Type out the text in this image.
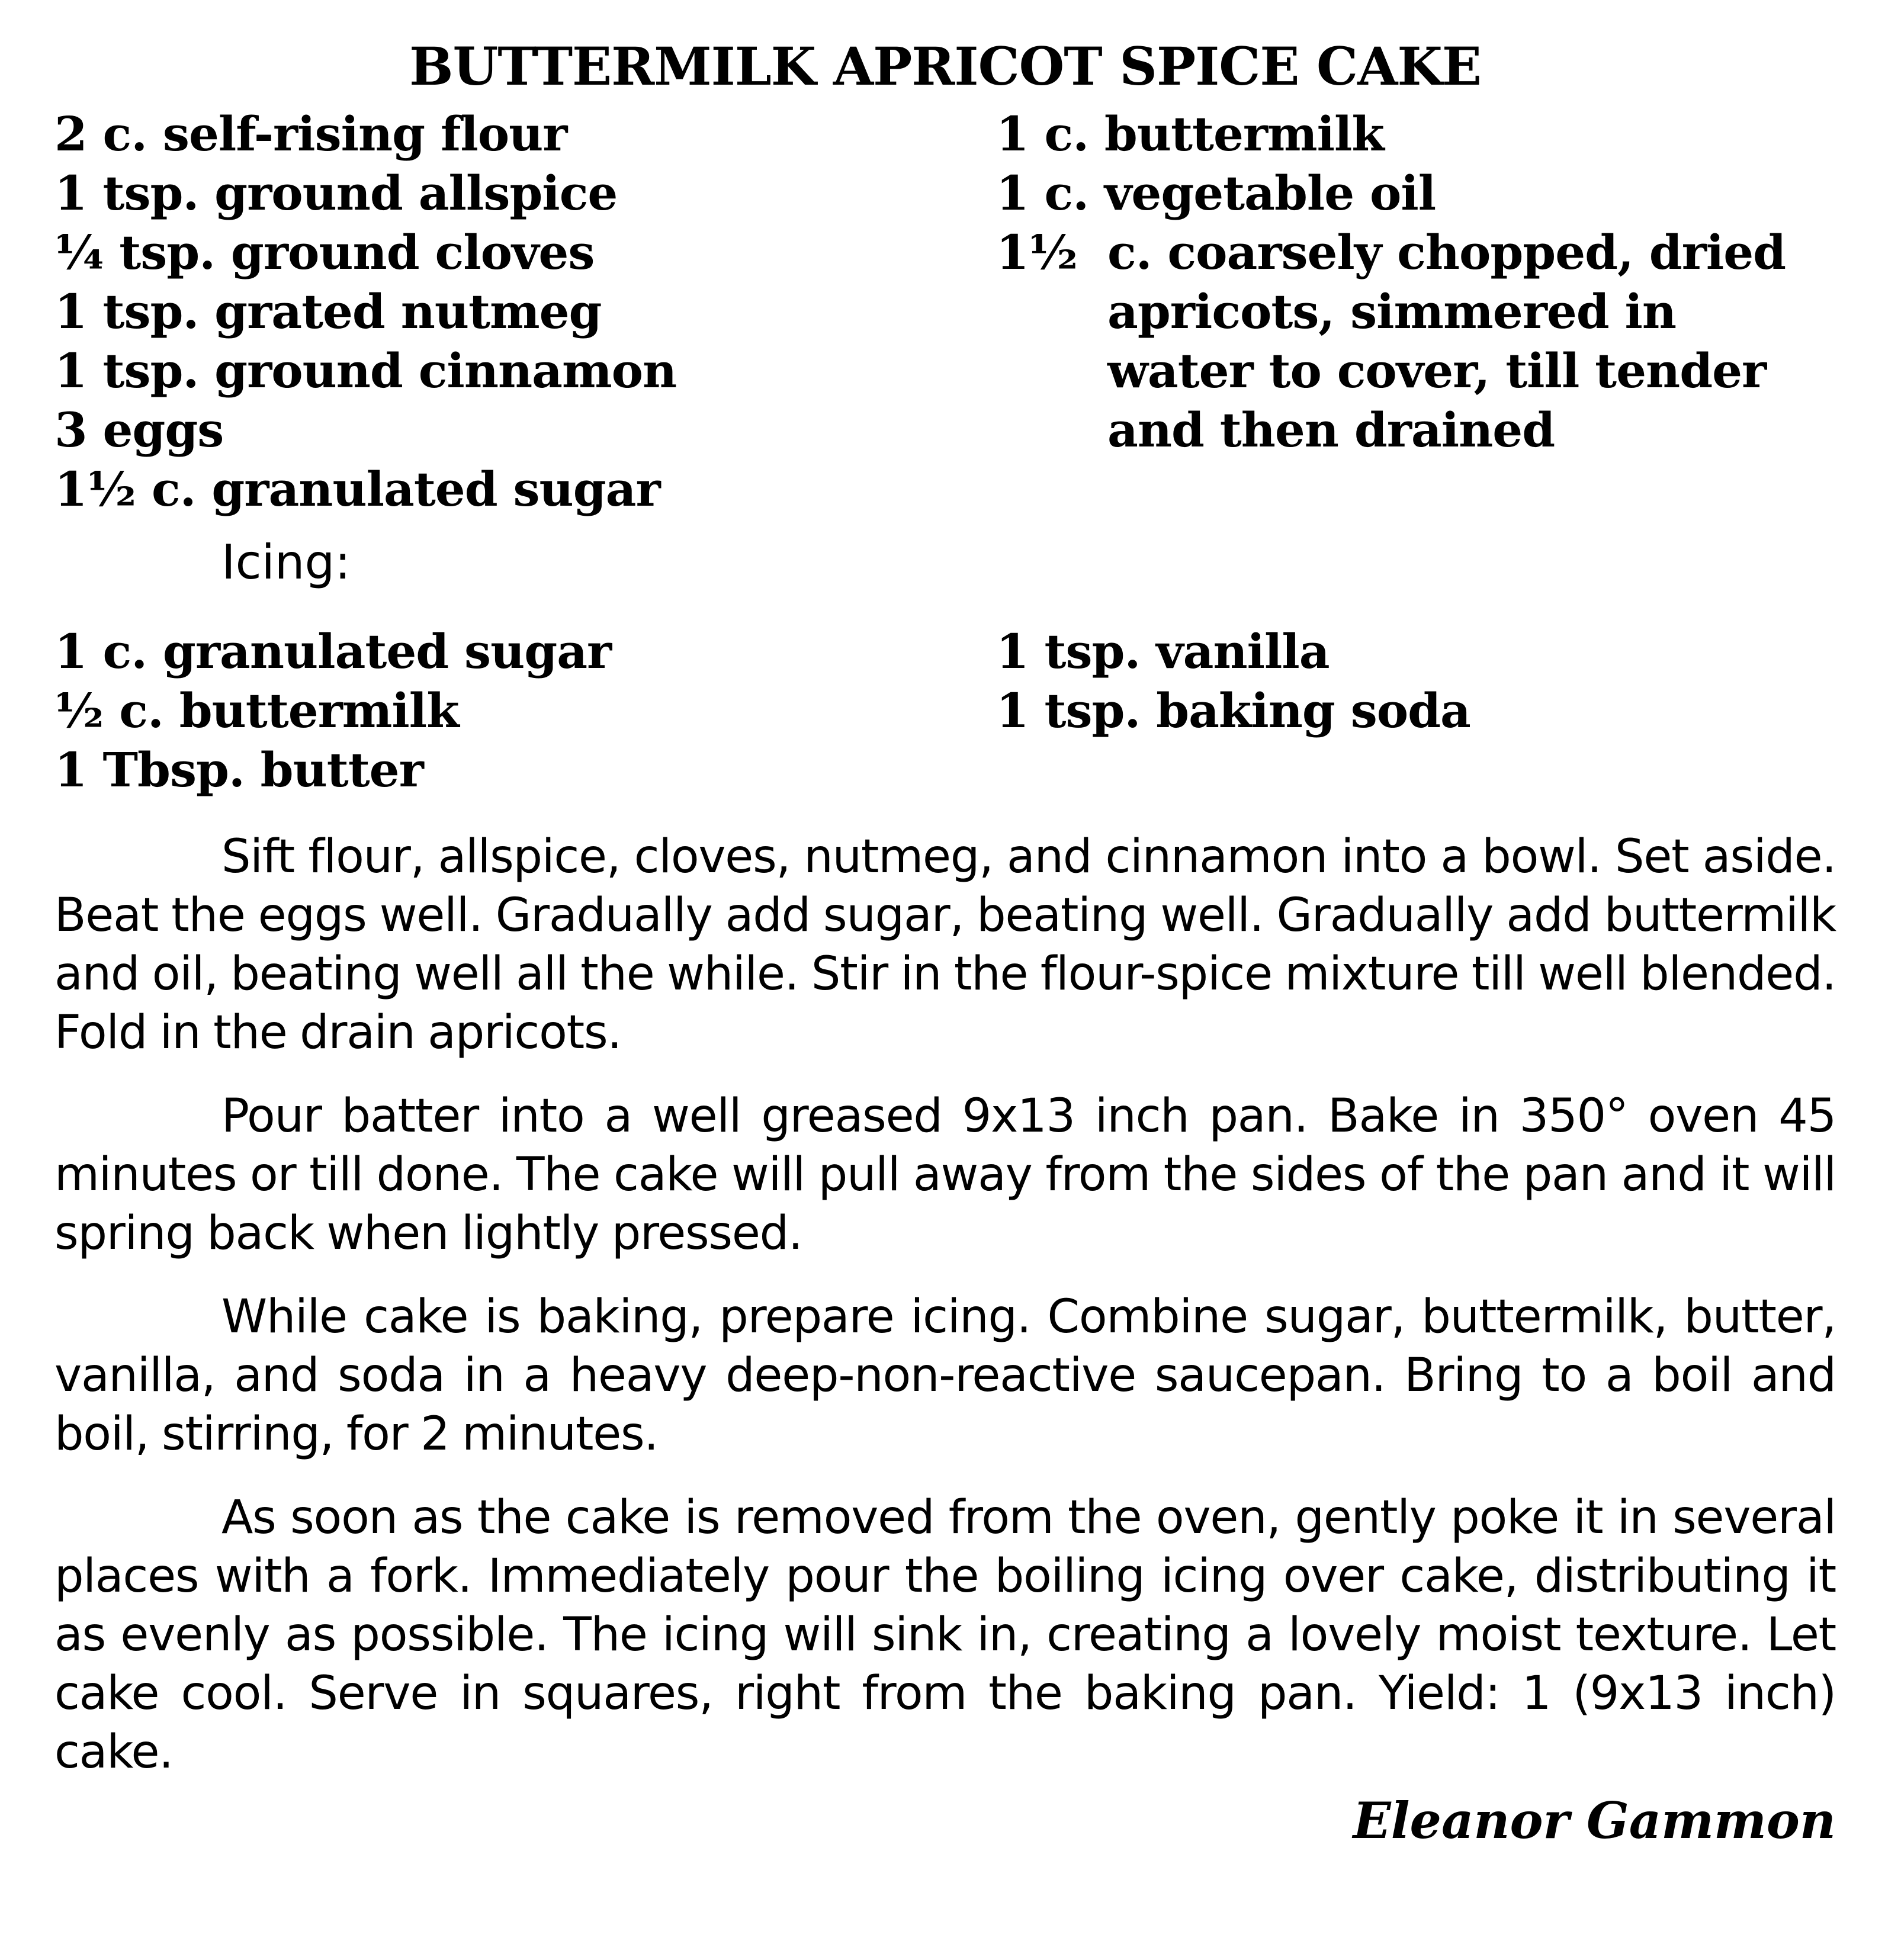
BUTTERMILK APRICOT SPICE CAKE
2 c. self-rising flour
1 tsp. ground allspice
¼ tsp. ground cloves
1 tsp. grated nutmeg
1 tsp. ground cinnamon
3 eggs
1½ c. granulated sugar
1 c. buttermilk
1 c. vegetable oil
1½ c. coarsely chopped, dried apricots, simmered in water to cover, till tender and then drained

Icing:

1 c. granulated sugar
½ c. buttermilk
1 Tbsp. butter
1 tsp. vanilla
1 tsp. baking soda

Sift flour, allspice, cloves, nutmeg, and cinnamon into a bowl. Set aside. Beat the eggs well. Gradually add sugar, beating well. Gradually add buttermilk and oil, beating well all the while. Stir in the flour-spice mixture till well blended. Fold in the drain apricots.

Pour batter into a well greased 9x13 inch pan. Bake in 350° oven 45 minutes or till done. The cake will pull away from the sides of the pan and it will spring back when lightly pressed.

While cake is baking, prepare icing. Combine sugar, buttermilk, butter, vanilla, and soda in a heavy deep-non-reactive saucepan. Bring to a boil and boil, stirring, for 2 minutes.

As soon as the cake is removed from the oven, gently poke it in several places with a fork. Immediately pour the boiling icing over cake, distributing it as evenly as possible. The icing will sink in, creating a lovely moist texture. Let cake cool. Serve in squares, right from the baking pan. Yield: 1 (9x13 inch) cake.

Eleanor Gammon
